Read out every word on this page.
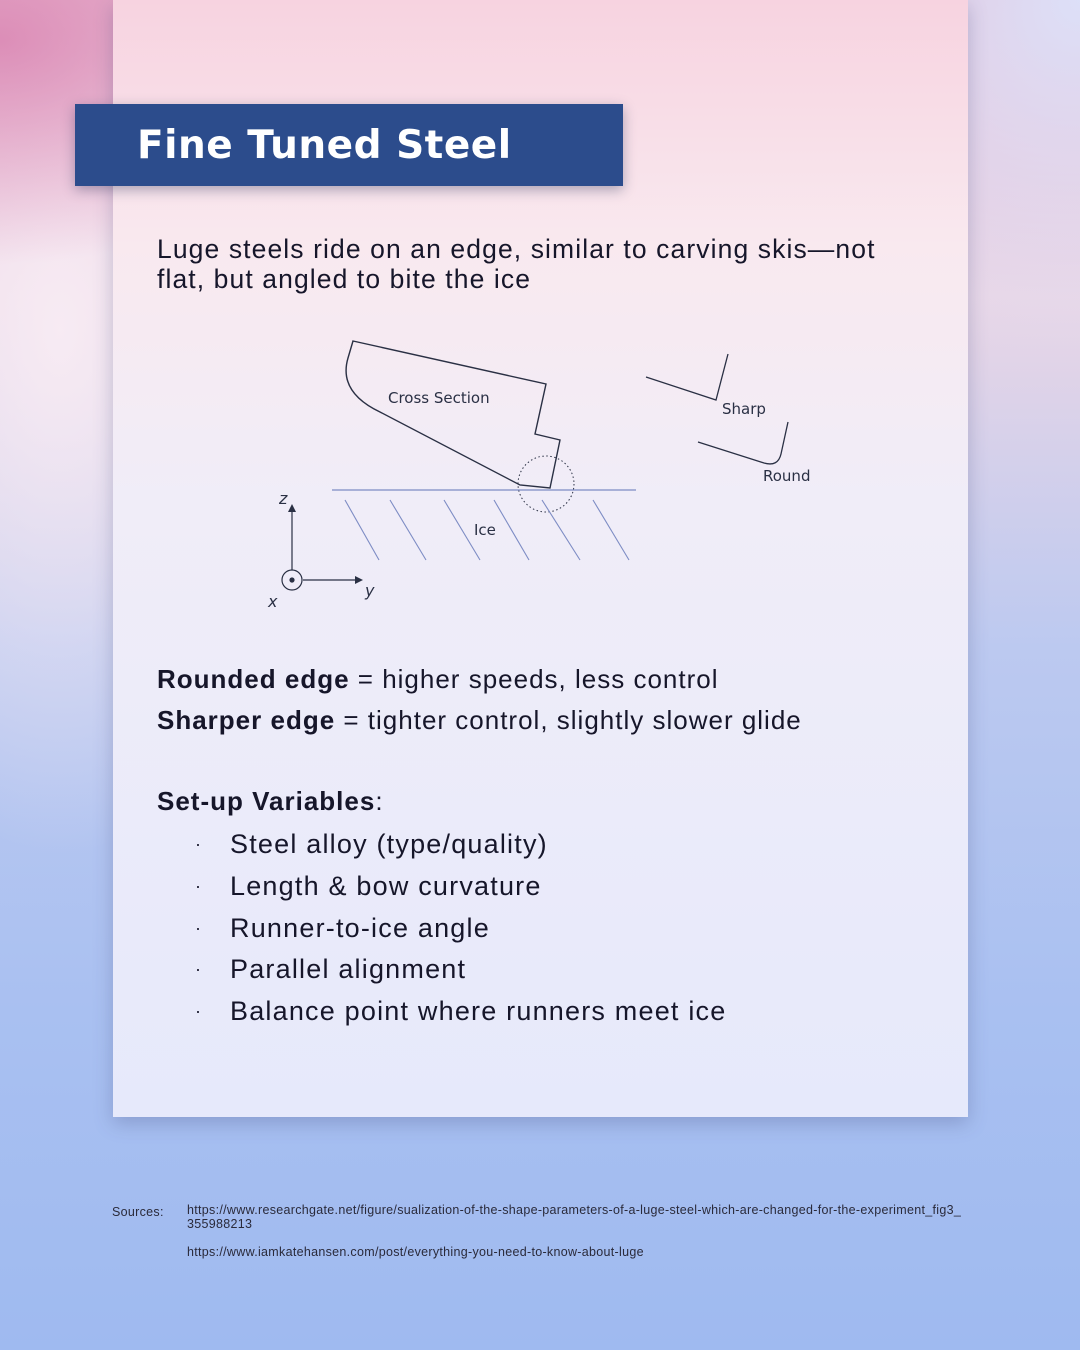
Fine Tuned Steel
Luge steels ride on an edge, similar to carving skis—not flat, but angled to bite the ice
Cross Section
Ice
Sharp
Round
z
y
x
Rounded edge = higher speeds, less control
Sharper edge = tighter control, slightly slower glide
Set-up Variables:
· Steel alloy (type/quality)
· Length & bow curvature
· Runner-to-ice angle
· Parallel alignment
· Balance point where runners meet ice
Sources: https://www.researchgate.net/figure/sualization-of-the-shape-parameters-of-a-luge-steel-which-are-changed-for-the-experiment_fig3_355988213
https://www.iamkatehansen.com/post/everything-you-need-to-know-about-luge
